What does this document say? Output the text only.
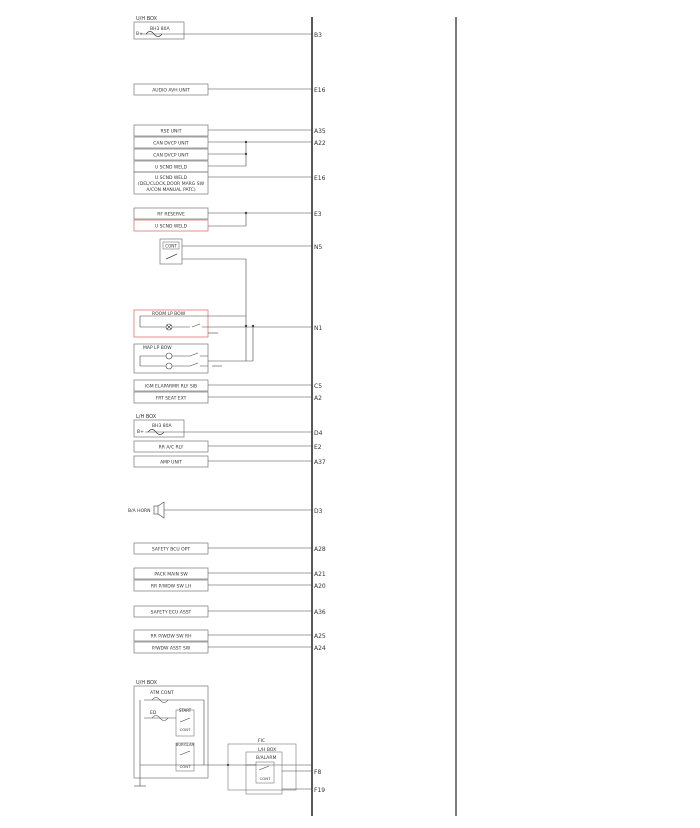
U/H BOX
BH3 80A
B+
AUDIO AVH UNIT
RSE UNIT
CAN DVCP UNIT
CAN DVCP UNIT
U SCND WELD
U SCND WELD
(DEL/CLOCK,DOOR MARG SW
A/CON MANUAL PATC)
RF RESERVE
U SCND WELD
IGM ELAPARMR RLY SIB
FRT SEAT EXT
RR A/C RLY
AMP UNIT
SAFETY BCU OPT
PACK MAIN SW
RR P/WDW SW LH
SAFETY ECU ASST
RR P/WDW SW RH
P/WDW ASST SW
CONT
ROOM LP BOW
MAP LP BOW
L/H BOX
BH3 80A
B+
B/A HORN
U/H BOX
ATM CONT
ED
START
CONT
BURGLAR
CONT
FIC
L/H BOX
B/ALARM
CONT
B3
E16
A35
A22
E16
E3
N5
N1
C5
A2
D4
E2
A37
D3
A28
A21
A20
A36
A25
A24
F8
F19
